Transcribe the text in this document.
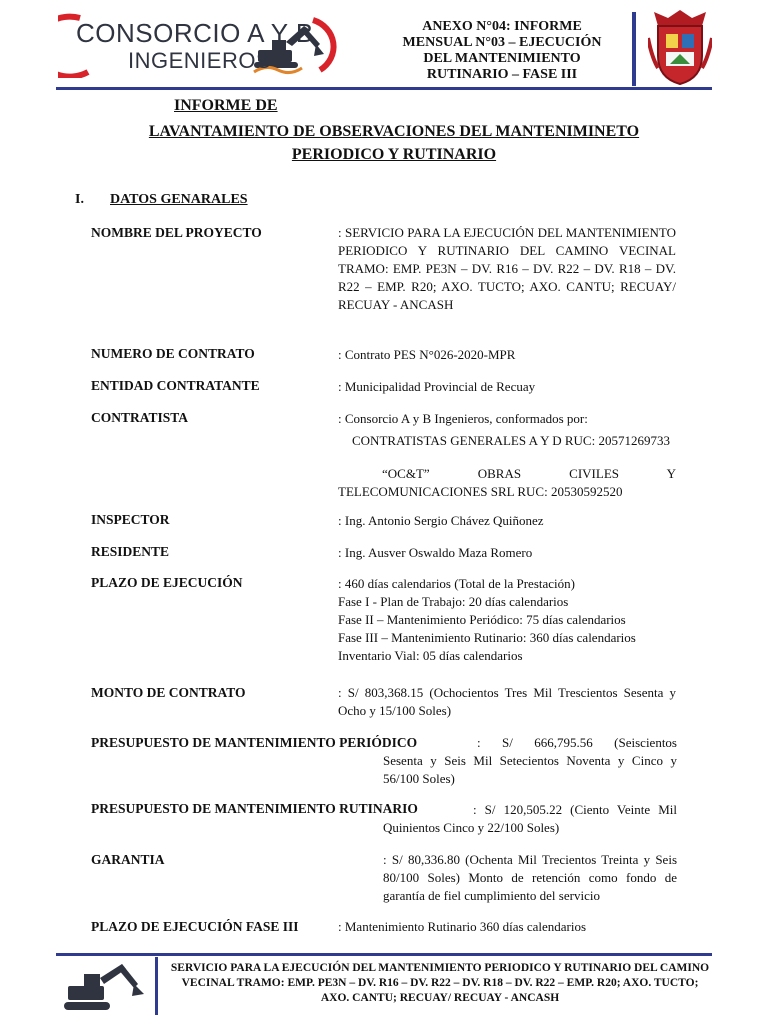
CONSORCIO A Y B
INGENIEROS
ANEXO N°04: INFORME
MENSUAL N°03 – EJECUCIÓN
DEL MANTENIMIENTO
RUTINARIO – FASE III
INFORME DE
LAVANTAMIENTO DE OBSERVACIONES DEL MANTENIMINETO PERIODICO Y RUTINARIO
I. DATOS GENARALES
NOMBRE DEL PROYECTO	: SERVICIO PARA LA EJECUCIÓN DEL MANTENIMIENTO PERIODICO Y RUTINARIO DEL CAMINO VECINAL TRAMO: EMP. PE3N – DV. R16 – DV. R22 – DV. R18 – DV. R22 – EMP. R20; AXO. TUCTO; AXO. CANTU; RECUAY/ RECUAY - ANCASH
NUMERO DE CONTRATO	: Contrato PES N°026-2020-MPR
ENTIDAD CONTRATANTE	: Municipalidad Provincial de Recuay
CONTRATISTA	: Consorcio A y B Ingenieros, conformados por:
CONTRATISTAS GENERALES A Y D RUC: 20571269733
“OC&T” OBRAS CIVILES Y TELECOMUNICACIONES SRL RUC: 20530592520
INSPECTOR	: Ing. Antonio Sergio Chávez Quiñonez
RESIDENTE	: Ing. Ausver Oswaldo Maza Romero
PLAZO DE EJECUCIÓN	: 460 días calendarios (Total de la Prestación)
Fase I - Plan de Trabajo: 20 días calendarios
Fase II – Mantenimiento Periódico: 75 días calendarios
Fase III – Mantenimiento Rutinario: 360 días calendarios
Inventario Vial: 05 días calendarios
MONTO DE CONTRATO	: S/ 803,368.15 (Ochocientos Tres Mil Trescientos Sesenta y Ocho y 15/100 Soles)
PRESUPUESTO DE MANTENIMIENTO PERIÓDICO	: S/ 666,795.56 (Seiscientos
Sesenta y Seis Mil Setecientos Noventa y Cinco y 56/100 Soles)
PRESUPUESTO DE MANTENIMIENTO RUTINARIO	: S/ 120,505.22 (Ciento Veinte Mil
Quinientos Cinco y 22/100 Soles)
GARANTIA	: S/ 80,336.80 (Ochenta Mil Trecientos Treinta y Seis 80/100 Soles) Monto de retención como fondo de garantía de fiel cumplimiento del servicio
PLAZO DE EJECUCIÓN FASE III	: Mantenimiento Rutinario 360 días calendarios
SERVICIO PARA LA EJECUCIÓN DEL MANTENIMIENTO PERIODICO Y RUTINARIO DEL CAMINO VECINAL TRAMO: EMP. PE3N – DV. R16 – DV. R22 – DV. R18 – DV. R22 – EMP. R20; AXO. TUCTO; AXO. CANTU; RECUAY/ RECUAY - ANCASH
